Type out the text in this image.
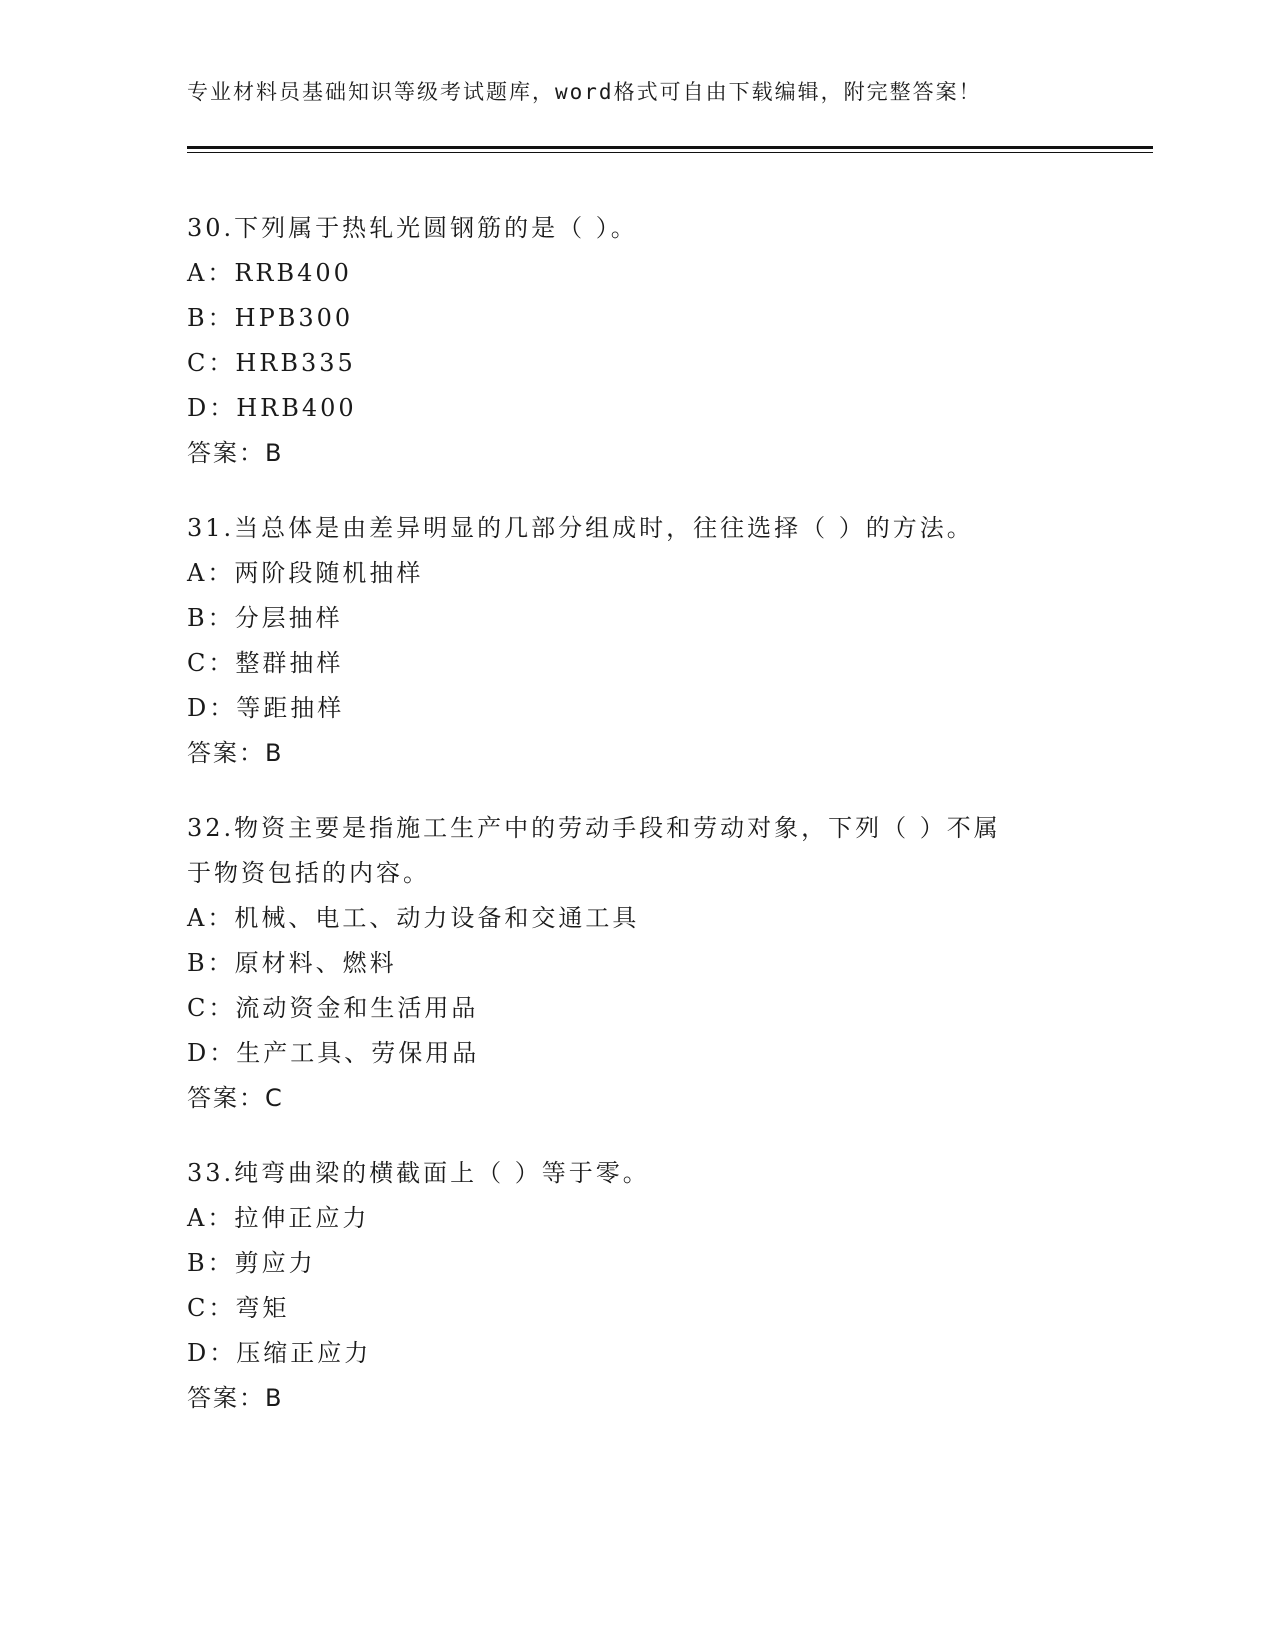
专业材料员基础知识等级考试题库，word格式可自由下载编辑，附完整答案！
30.下列属于热轧光圆钢筋的是（ ）。
A：RRB400
B：HPB300
C：HRB335
D：HRB400
答案：B
31.当总体是由差异明显的几部分组成时，往往选择（ ）的方法。
A：两阶段随机抽样
B：分层抽样
C：整群抽样
D：等距抽样
答案：B
32.物资主要是指施工生产中的劳动手段和劳动对象，下列（ ）不属
于物资包括的内容。
A：机械、电工、动力设备和交通工具
B：原材料、燃料
C：流动资金和生活用品
D：生产工具、劳保用品
答案：C
33.纯弯曲梁的横截面上（ ）等于零。
A：拉伸正应力
B：剪应力
C：弯矩
D：压缩正应力
答案：B
